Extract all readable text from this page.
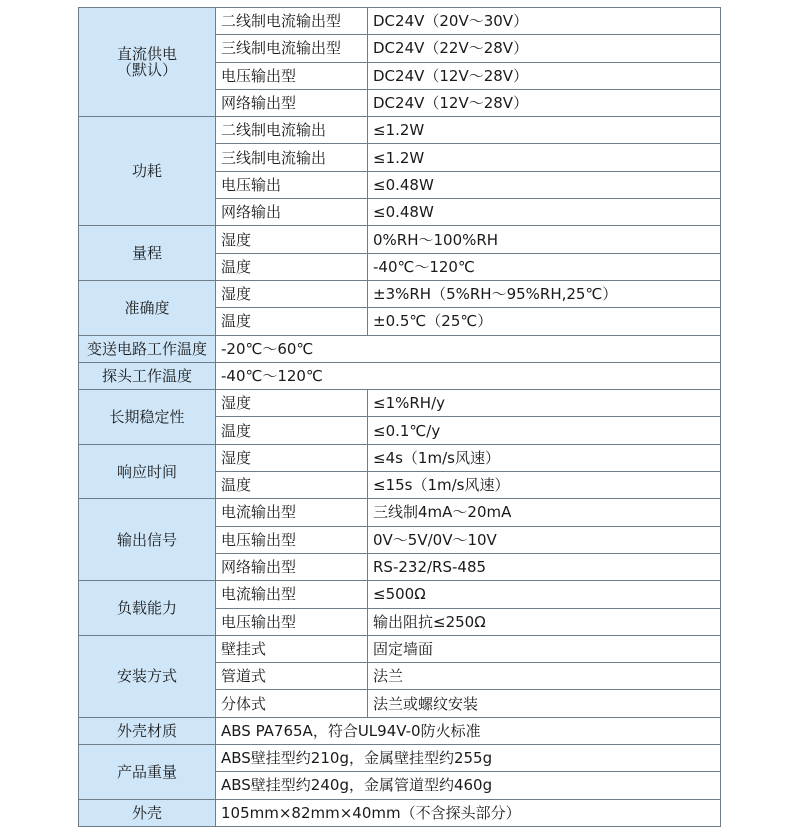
直流供电
（默认）	二线制电流输出型	DC24V（20V～30V）
	三线制电流输出型	DC24V（22V～28V）
	电压输出型	DC24V（12V～28V）
	网络输出型	DC24V（12V～28V）

功耗	二线制电流输出	≤1.2W
	三线制电流输出	≤1.2W
	电压输出	≤0.48W
	网络输出	≤0.48W

量程	湿度	0%RH～100%RH
	温度	-40℃～120℃

准确度	湿度	±3%RH（5%RH～95%RH,25℃）
	温度	±0.5℃（25℃）

变送电路工作温度	-20℃～60℃	

探头工作温度	-40℃～120℃	

长期稳定性	湿度	≤1%RH/y
	温度	≤0.1℃/y

响应时间	湿度	≤4s（1m/s风速）
	温度	≤15s（1m/s风速）

输出信号	电流输出型	三线制4mA～20mA
	电压输出型	0V～5V/0V～10V
	网络输出型	RS-232/RS-485

负载能力	电流输出型	≤500Ω
	电压输出型	输出阻抗≤250Ω

安装方式	壁挂式	固定墙面
	管道式	法兰
	分体式	法兰或螺纹安装

外壳材质	ABS PA765A，符合UL94V-0防火标准	

产品重量	ABS壁挂型约210g，金属壁挂型约255g	
	ABS壁挂型约240g，金属管道型约460g	

外壳	105mm×82mm×40mm（不含探头部分）	
